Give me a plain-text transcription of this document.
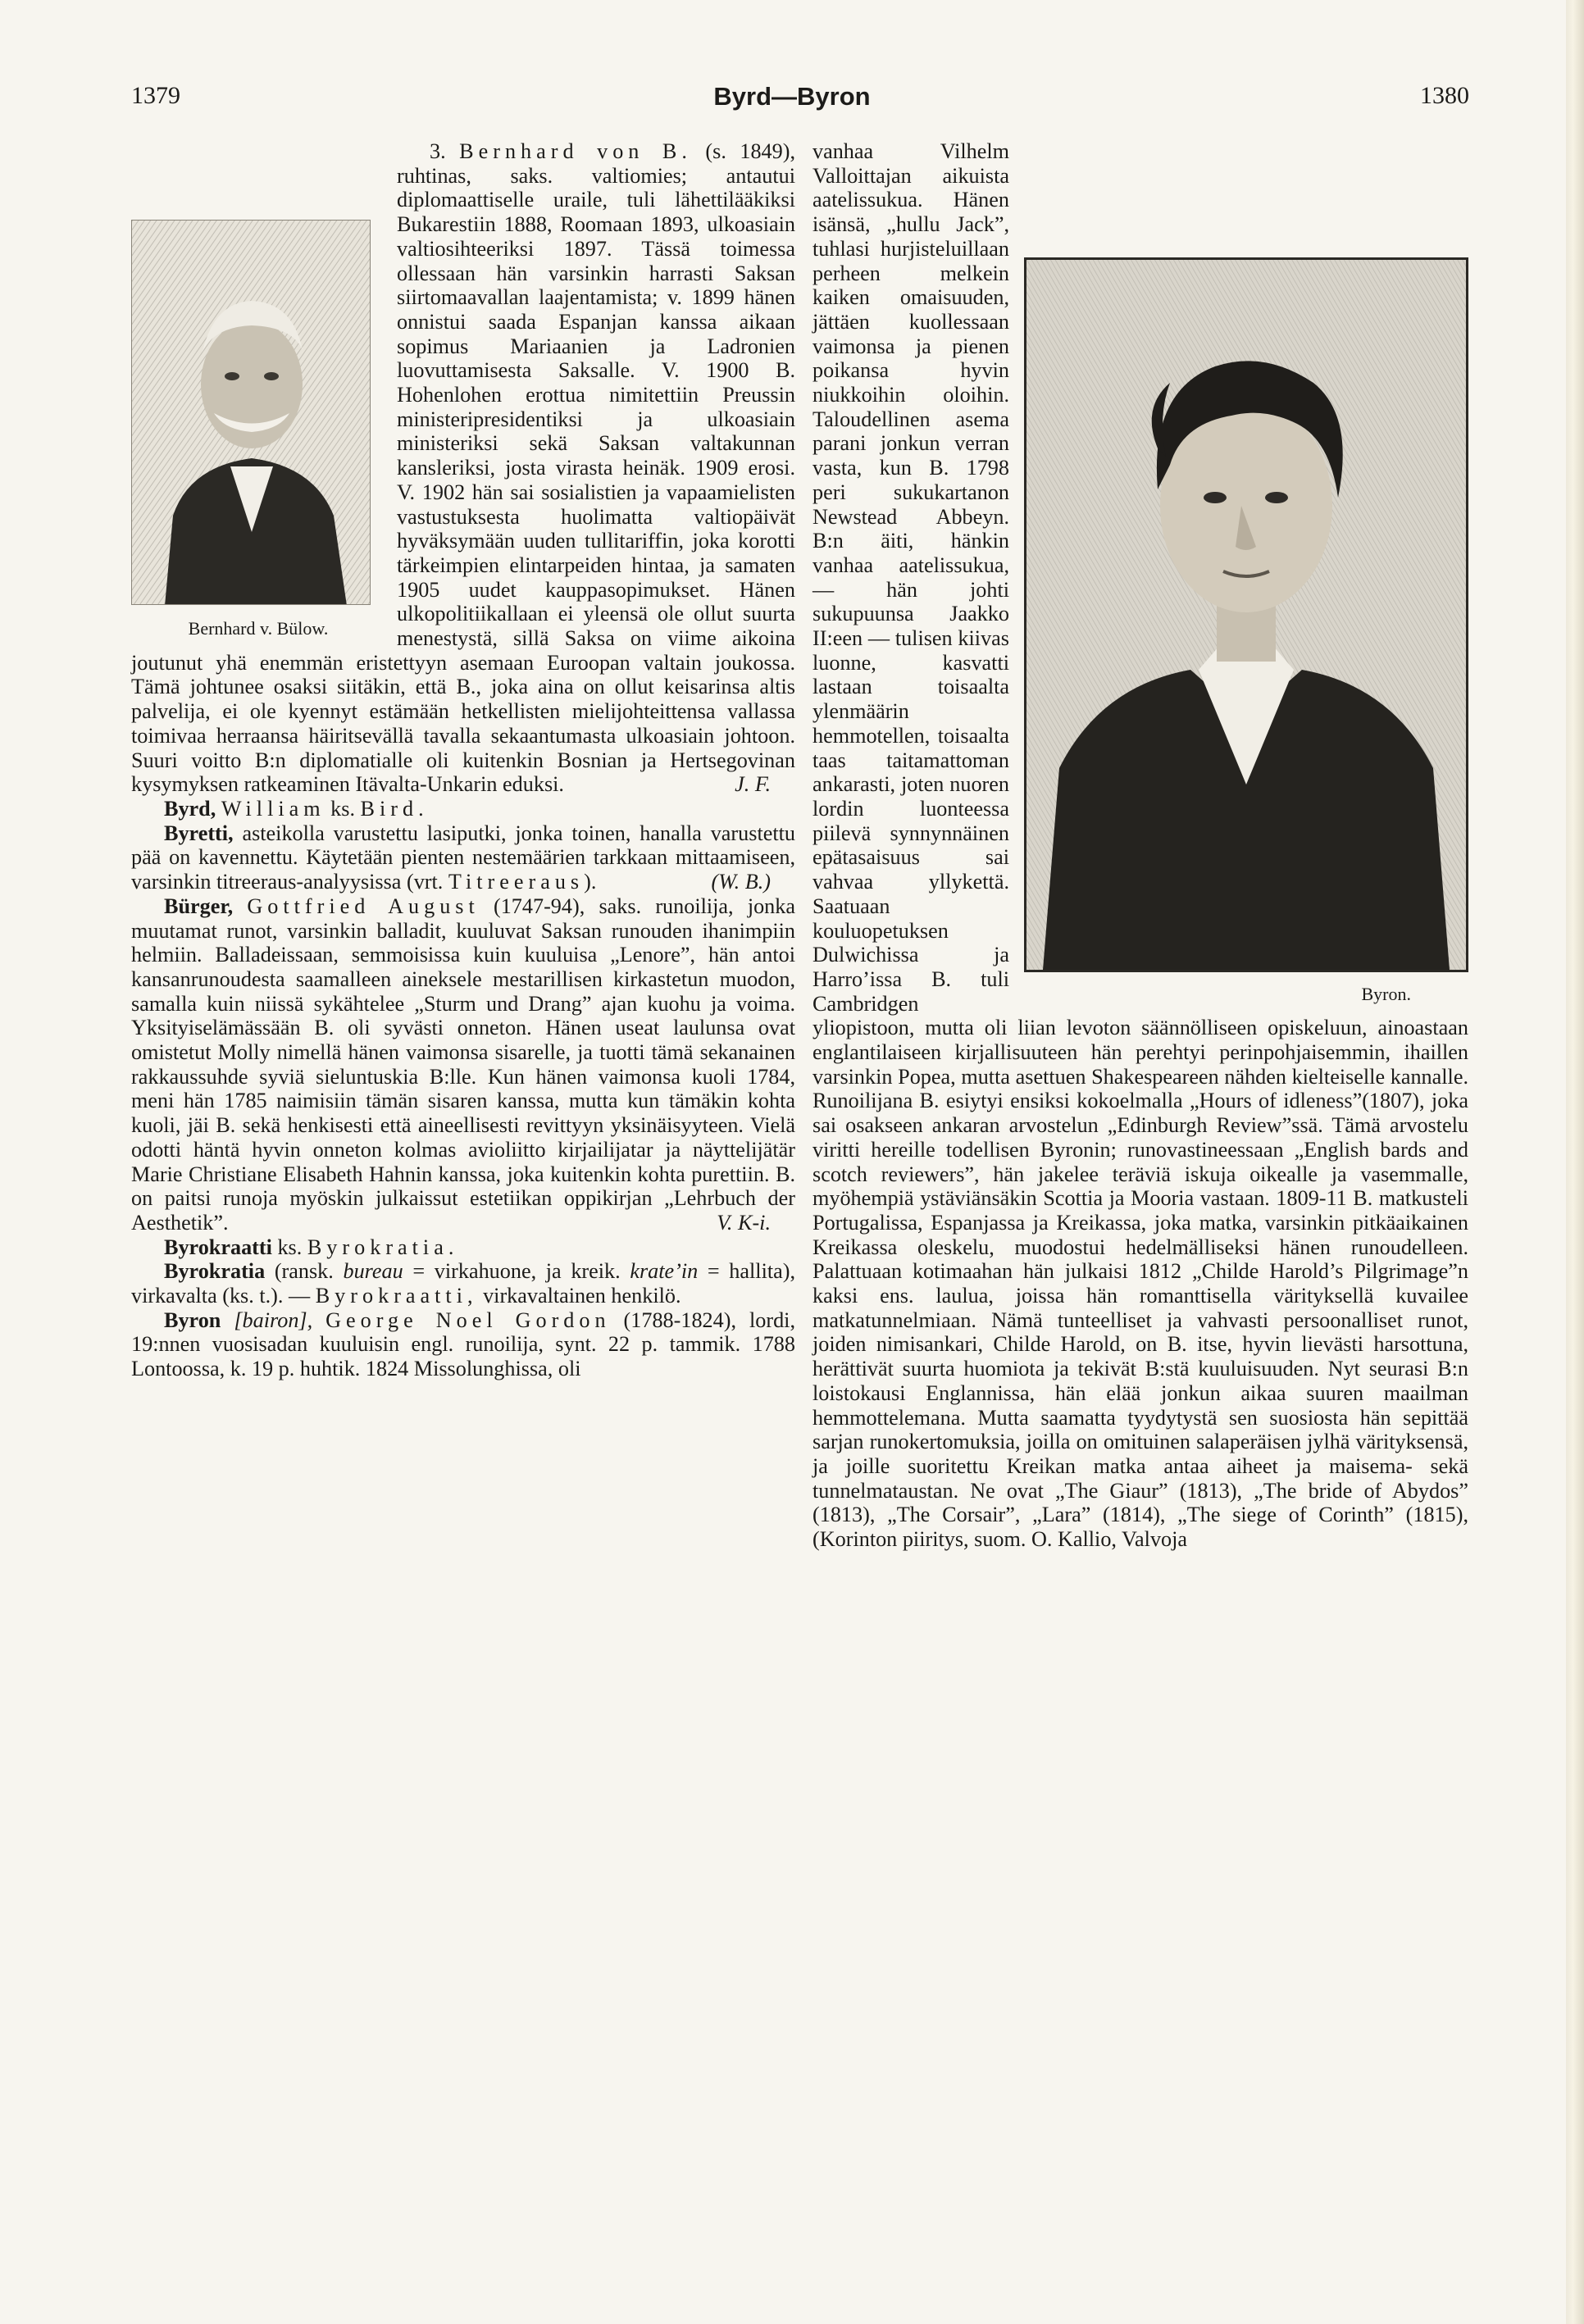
1379	Byrd—Byron	1380
Bernhard v. Bülow.

3. Bernhard von B. (s. 1849), ruhtinas, saks. valtiomies; antautui diplomaattiselle uraile, tuli lähettilääkiksi Bukarestiin 1888, Roomaan 1893, ulkoasiain valtiosihteeriksi 1897. Tässä toimessa ollessaan hän varsinkin harrasti Saksan siirtomaavallan laajentamista; v. 1899 hänen onnistui saada Espanjan kanssa aikaan sopimus Mariaanien ja Ladronien luovuttamisesta Saksalle. V. 1900 B. Hohenlohen erottua nimitettiin Preussin ministeripresidentiksi ja ulkoasiain ministeriksi sekä Saksan valtakunnan kansleriksi, josta virasta heinäk. 1909 erosi. V. 1902 hän sai sosialistien ja vapaamielisten vastustuksesta huolimatta valtiopäivät hyväksymään uuden tullitariffin, joka korotti tärkeimpien elintarpeiden hintaa, ja samaten 1905 uudet kauppasopimukset. Hänen ulkopolitiikallaan ei yleensä ole ollut suurta menestystä, sillä Saksa on viime aikoina joutunut yhä enemmän eristettyyn asemaan Euroopan valtain joukossa. Tämä johtunee osaksi siitäkin, että B., joka aina on ollut keisarinsa altis palvelija, ei ole kyennyt estämään hetkellisten mielijohteittensa vallassa toimivaa herraansa häiritsevällä tavalla sekaantumasta ulkoasiain johtoon. Suuri voitto B:n diplomatialle oli kuitenkin Bosnian ja Hertsegovinan kysymyksen ratkeaminen Itävalta-Unkarin eduksi.	J. F.

Byrd, William ks. Bird.

Byretti, asteikolla varustettu lasiputki, jonka toinen, hanalla varustettu pää on kavennettu. Käytetään pienten nestemäärien tarkkaan mittaamiseen, varsinkin titreeraus-analyysissa (vrt. Titreeraus).	(W. B.)

Bürger, Gottfried August (1747-94), saks. runoilija, jonka muutamat runot, varsinkin balladit, kuuluvat Saksan runouden ihanimpiin helmiin. Balladeissaan, semmoisissa kuin kuuluisa „Lenore”, hän antoi kansanrunoudesta saamalleen aineksele mestarillisen kirkastetun muodon, samalla kuin niissä sykähtelee „Sturm und Drang” ajan kuohu ja voima. Yksityiselämässään B. oli syvästi onneton. Hänen useat laulunsa ovat omistetut Molly nimellä hänen vaimonsa sisarelle, ja tuotti tämä sekanainen rakkaussuhde syviä sieluntuskia B:lle. Kun hänen vaimonsa kuoli 1784, meni hän 1785 naimisiin tämän sisaren kanssa, mutta kun tämäkin kohta kuoli, jäi B. sekä henkisesti että aineellisesti revittyyn yksinäisyyteen. Vielä odotti häntä hyvin onneton kolmas avioliitto kirjailijatar ja näyttelijätär Marie Christiane Elisabeth Hahnin kanssa, joka kuitenkin kohta purettiin. B. on paitsi runoja myöskin julkaissut estetiikan oppikirjan „Lehrbuch der Aesthetik”.	V. K-i.

Byrokraatti ks. Byrokratia.

Byrokratia (ransk. bureau = virkahuone, ja kreik. krate’in = hallita), virkavalta (ks. t.). — Byrokraatti, virkavaltainen henkilö.

Byron [bairon], George Noel Gordon (1788-1824), lordi, 19:nnen vuosisadan kuuluisin engl. runoilija, synt. 22 p. tammik. 1788 Lontoossa, k. 19 p. huhtik. 1824 Missolunghissa, oli

Byron.

vanhaa Vilhelm Valloittajan aikuista aatelissukua. Hänen isänsä, „hullu Jack”, tuhlasi hurjisteluillaan perheen melkein kaiken omaisuuden, jättäen kuollessaan vaimonsa ja pienen poikansa hyvin niukkoihin oloihin. Taloudellinen asema parani jonkun verran vasta, kun B. 1798 peri sukukartanon Newstead Abbeyn. B:n äiti, hänkin vanhaa aatelissukua, — hän johti sukupuunsa Jaakko II:een — tulisen kiivas luonne, kasvatti lastaan toisaalta ylenmäärin hemmotellen, toisaalta taas taitamattoman ankarasti, joten nuoren lordin luonteessa piilevä synnynnäinen epätasaisuus sai vahvaa yllykettä. Saatuaan kouluopetuksen Dulwichissa ja Harro’issa B. tuli Cambridgen yliopistoon, mutta oli liian levoton säännölliseen opiskeluun, ainoastaan englantilaiseen kirjallisuuteen hän perehtyi perinpohjaisemmin, ihaillen varsinkin Popea, mutta asettuen Shakespeareen nähden kielteiselle kannalle. Runoilijana B. esiytyi ensiksi kokoelmalla „Hours of idleness”(1807), joka sai osakseen ankaran arvostelun „Edinburgh Review”ssä. Tämä arvostelu viritti hereille todellisen Byronin; runovastineessaan „English bards and scotch reviewers”, hän jakelee teräviä iskuja oikealle ja vasemmalle, myöhempiä ystäviänsäkin Scottia ja Mooria vastaan. 1809-11 B. matkusteli Portugalissa, Espanjassa ja Kreikassa, joka matka, varsinkin pitkäaikainen Kreikassa oleskelu, muodostui hedelmälliseksi hänen runoudelleen. Palattuaan kotimaahan hän julkaisi 1812 „Childe Harold’s Pilgrimage”n kaksi ens. laulua, joissa hän romanttisella värityksellä kuvailee matkatunnelmiaan. Nämä tunteelliset ja vahvasti persoonalliset runot, joiden nimisankari, Childe Harold, on B. itse, hyvin lievästi harsottuna, herättivät suurta huomiota ja tekivät B:stä kuuluisuuden. Nyt seurasi B:n loistokausi Englannissa, hän elää jonkun aikaa suuren maailman hemmottelemana. Mutta saamatta tyydytystä sen suosiosta hän sepittää sarjan runokertomuksia, joilla on omituinen salaperäisen jylhä värityksensä, ja joille suoritettu Kreikan matka antaa aiheet ja maisema- sekä tunnelmataustan. Ne ovat „The Giaur” (1813), „The bride of Abydos” (1813), „The Corsair”, „Lara” (1814), „The siege of Corinth” (1815), (Korinton piiritys, suom. O. Kallio, Valvoja
